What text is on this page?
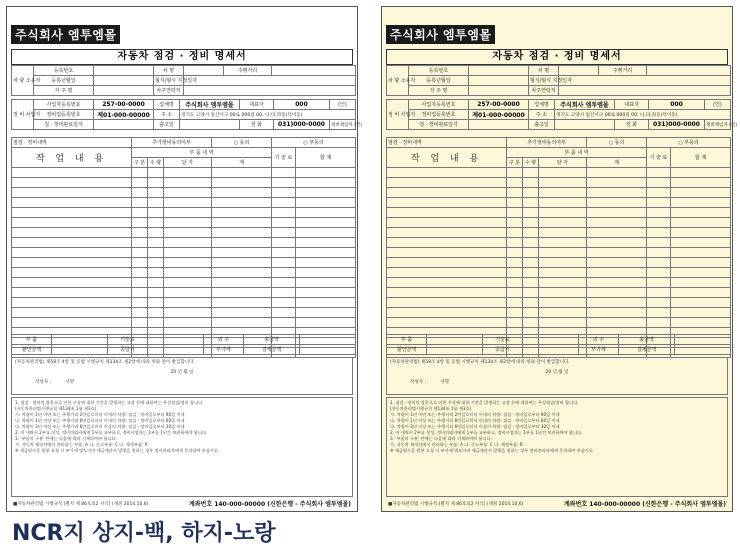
주식회사 엠투엠몰
자동차 점검 · 정비 명세서
차 량 소유자	등록번호		차 명		주행거리	
	등록년월일		형식/형식 지정일자			
	자 주 명		차주연락처			
정 비 사업자	사업자등록번호	257-00-0000	업체명	주식회사 엠투엠몰	대표자	000	(인)
	정비업등록번호	제01-000-00000	주 소	경기도 고양시 일산서구 00로 000길 00, 나,다,라동(덕이동)			
	검 · 정비완료일자		출고일		전 화	031)000-0000	정비책임자 (인)
점검 · 정비내역	추가정비동의여부			○ 동의	○ 부동의	
작 업 내 용	부 품 내 역				기 술 료	합 계
	구 분	수 량	단 가	계		

부 품		기술료		외 주	총금액	
할인금액		공급가		부가세	결제금액	
(자동차관리법) 제58조 4항 및 동법 시행규칙 제134조 제2항에 따라 위와 같이 발급합니다.
20 년 월 일
작성자 :	서명
1. 점검 · 정비의 잘못으로 인한 구상에 대한 기간을 발생하는 고장 등에 대하여는 무상점검/정비 합니다.
(자동차관리법시행규칙 제134조 1항 제3호)
가. 차령이 1년 미만 또는 주행거리 2만킬로미터 이내의 차량: 점검 · 정비일로부터 90일 이내
나. 차령이 1년 이상 또는 주행거리 6만킬로미터 이내의 차량: 점검 · 정비일로부터 60일 이내
다. 차령이 3년 이상 또는 주행거리 6만킬로미터 이상의 차량: 점검 · 정비일로부터 30일 이내
2. 이 내역서 2부를 작성, 정비의뢰자에게 1부를 교부하고, 정비사업자는 1부를 1년간 보관하여야 합니다.
3. '부품의 구분' 란에는 다음에 따라 기재하여야 합니다.
가. 자동차 제작사에서 관리하는 부품: A 나. 중고부품: C 다. 재생부품: R
※ 세금영수증 원본 요청 시 부가세 별도이며 세금계산서 발행을 원하는 경우 정비관리자에게 문의하여 주십시오.
■자동차관리법 시행규칙 [별지 제 86호의2 서식] (개정 2014.10.6)	계좌번호 140-000-00000 (신한은행 - 주식회사 엠투엠몰)
주식회사 엠투엠몰
자동차 점검 · 정비 명세서
차 량 소유자	등록번호		차 명		주행거리	
	등록년월일		형식/형식 지정일자			
	자 주 명		차주연락처			
정 비 사업자	사업자등록번호	257-00-0000	업체명	주식회사 엠투엠몰	대표자	000	(인)
	정비업등록번호	제01-000-00000	주 소	경기도 고양시 일산서구 00로 000길 00, 나,다,라동(덕이동)			
	검 · 정비완료일자		출고일		전 화	031)000-0000	정비책임자 (인)
점검 · 정비내역	추가정비동의여부			○ 동의	○ 부동의	
작 업 내 용	부 품 내 역				기 술 료	합 계
	구 분	수 량	단 가	계		

부 품		기술료		외 주	총금액	
할인금액		공급가		부가세	결제금액	
(자동차관리법) 제58조 4항 및 동법 시행규칙 제134조 제2항에 따라 위와 같이 발급합니다.
20 년 월 일
작성자 :	서명
1. 점검 · 정비의 잘못으로 인한 구상에 대한 기간을 발생하는 고장 등에 대하여는 무상점검/정비 합니다.
(자동차관리법시행규칙 제134조 1항 제3호)
가. 차령이 1년 미만 또는 주행거리 2만킬로미터 이내의 차량: 점검 · 정비일로부터 90일 이내
나. 차령이 1년 이상 또는 주행거리 6만킬로미터 이내의 차량: 점검 · 정비일로부터 60일 이내
다. 차령이 3년 이상 또는 주행거리 6만킬로미터 이상의 차량: 점검 · 정비일로부터 30일 이내
2. 이 내역서 2부를 작성, 정비의뢰자에게 1부를 교부하고, 정비사업자는 1부를 1년간 보관하여야 합니다.
3. '부품의 구분' 란에는 다음에 따라 기재하여야 합니다.
가. 자동차 제작사에서 관리하는 부품: A 나. 중고부품: C 다. 재생부품: R
※ 세금영수증 원본 요청 시 부가세 별도이며 세금계산서 발행을 원하는 경우 정비관리자에게 문의하여 주십시오.
■자동차관리법 시행규칙 [별지 제 86호의2 서식] (개정 2014.10.6)	계좌번호 140-000-00000 (신한은행 - 주식회사 엠투엠몰)
NCR지 상지-백, 하지-노랑
